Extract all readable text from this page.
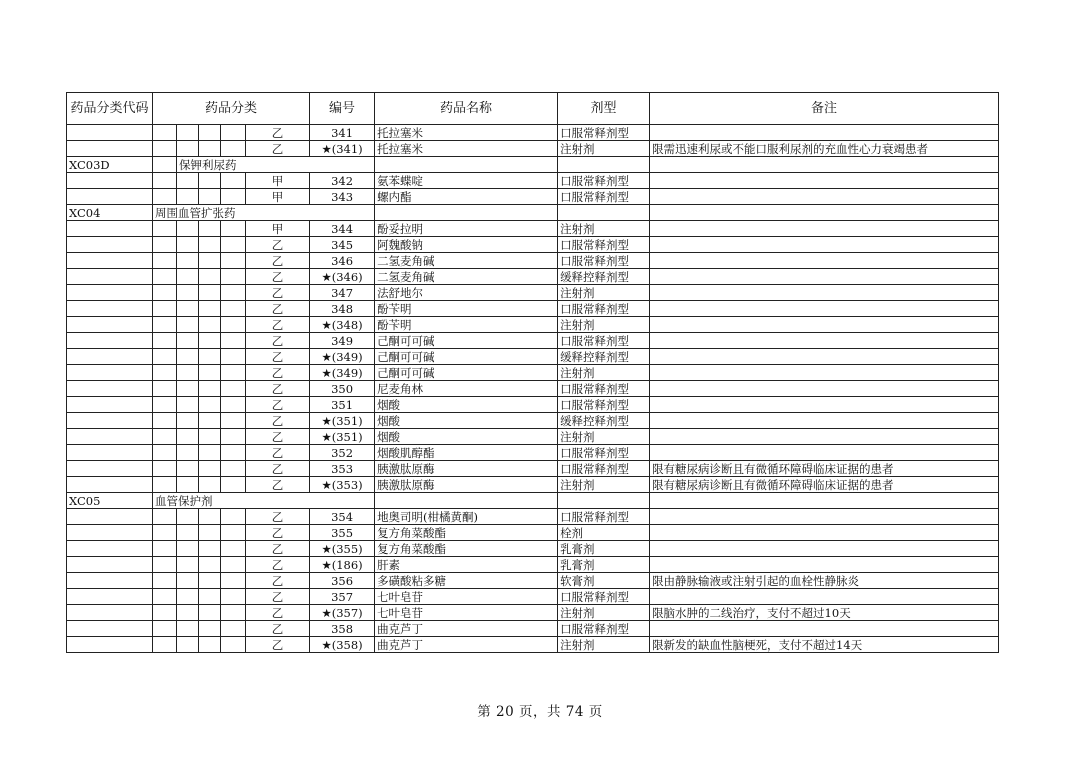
药品分类代码	药品分类					编号	药品名称	剂型	备注
					乙	341	托拉塞米	口服常释剂型	
					乙	★(341)	托拉塞米	注射剂	限需迅速利尿或不能口服利尿剂的充血性心力衰竭患者
XC03D		保钾利尿药							
					甲	342	氨苯蝶啶	口服常释剂型	
					甲	343	螺内酯	口服常释剂型	
XC04	周围血管扩张药								
					甲	344	酚妥拉明	注射剂	
					乙	345	阿魏酸钠	口服常释剂型	
					乙	346	二氢麦角碱	口服常释剂型	
					乙	★(346)	二氢麦角碱	缓释控释剂型	
					乙	347	法舒地尔	注射剂	
					乙	348	酚苄明	口服常释剂型	
					乙	★(348)	酚苄明	注射剂	
					乙	349	己酮可可碱	口服常释剂型	
					乙	★(349)	己酮可可碱	缓释控释剂型	
					乙	★(349)	己酮可可碱	注射剂	
					乙	350	尼麦角林	口服常释剂型	
					乙	351	烟酸	口服常释剂型	
					乙	★(351)	烟酸	缓释控释剂型	
					乙	★(351)	烟酸	注射剂	
					乙	352	烟酸肌醇酯	口服常释剂型	
					乙	353	胰激肽原酶	口服常释剂型	限有糖尿病诊断且有微循环障碍临床证据的患者
					乙	★(353)	胰激肽原酶	注射剂	限有糖尿病诊断且有微循环障碍临床证据的患者
XC05	血管保护剂								
					乙	354	地奥司明(柑橘黄酮)	口服常释剂型	
					乙	355	复方角菜酸酯	栓剂	
					乙	★(355)	复方角菜酸酯	乳膏剂	
					乙	★(186)	肝素	乳膏剂	
					乙	356	多磺酸粘多糖	软膏剂	限由静脉输液或注射引起的血栓性静脉炎
					乙	357	七叶皂苷	口服常释剂型	
					乙	★(357)	七叶皂苷	注射剂	限脑水肿的二线治疗，支付不超过10天
					乙	358	曲克芦丁	口服常释剂型	
					乙	★(358)	曲克芦丁	注射剂	限新发的缺血性脑梗死，支付不超过14天
第 20 页，共 74 页
